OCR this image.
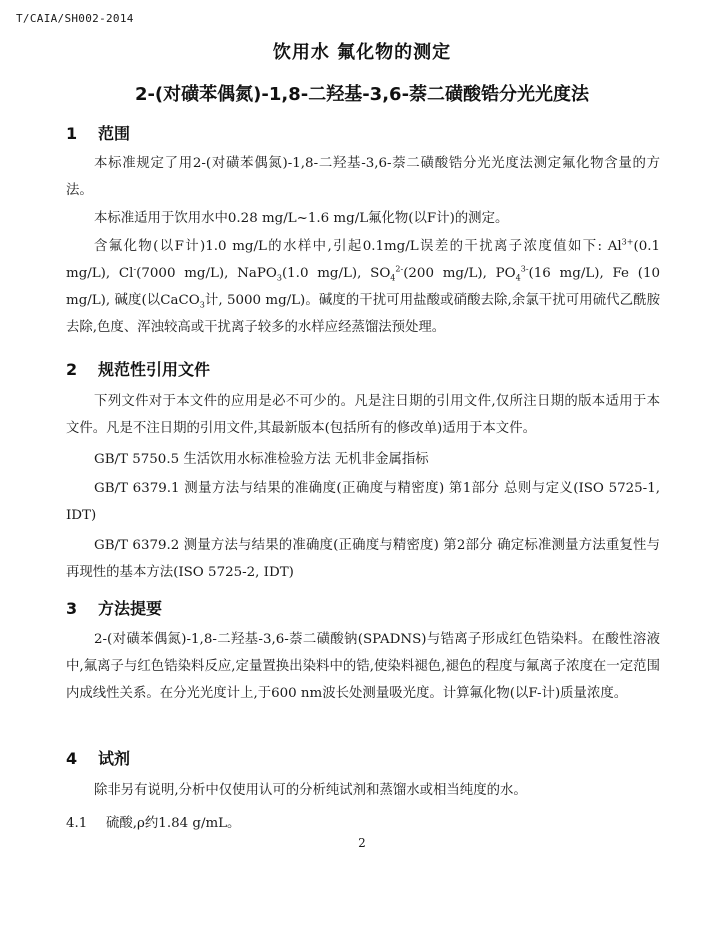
T/CAIA/SH002-2014
饮用水 氟化物的测定
2-(对磺苯偶氮)-1,8-二羟基-3,6-萘二磺酸锆分光光度法
1 范围
本标准规定了用2-(对磺苯偶氮)-1,8-二羟基-3,6-萘二磺酸锆分光光度法测定氟化物含量的方法。
本标准适用于饮用水中0.28 mg/L~1.6 mg/L氟化物(以F计)的测定。
含氟化物(以F计)1.0 mg/L的水样中,引起0.1mg/L误差的干扰离子浓度值如下: $Al^{3+}(0.1$ mg/L), Cl-(7000 mg/L), NaPO$_3$(1.0 mg/L), $SO_4^{2-}(200$ mg/L), $PO_4^{3-}(16$ mg/L), Fe (10 mg/L), 碱度(以CaCO$_3$计, 5000 mg/L)。碱度的干扰可用盐酸或硝酸去除,余氯干扰可用硫代乙酰胺去除,色度、浑浊较高或干扰离子较多的水样应经蒸馏法预处理。
2 规范性引用文件
下列文件对于本文件的应用是必不可少的。凡是注日期的引用文件,仅所注日期的版本适用于本文件。凡是不注日期的引用文件,其最新版本(包括所有的修改单)适用于本文件。
GB/T 5750.5 生活饮用水标准检验方法 无机非金属指标
GB/T 6379.1 测量方法与结果的准确度(正确度与精密度) 第1部分 总则与定义(ISO 5725-1, IDT)
GB/T 6379.2 测量方法与结果的准确度(正确度与精密度) 第2部分 确定标准测量方法重复性与再现性的基本方法(ISO 5725-2, IDT)
3 方法提要
2-(对磺苯偶氮)-1,8-二羟基-3,6-萘二磺酸钠(SPADNS)与锆离子形成红色锆染料。在酸性溶液中,氟离子与红色锆染料反应,定量置换出染料中的锆,使染料褪色,褪色的程度与氟离子浓度在一定范围内成线性关系。在分光光度计上,于600 nm波长处测量吸光度。计算氟化物(以F-计)质量浓度。
4 试剂
除非另有说明,分析中仅使用认可的分析纯试剂和蒸馏水或相当纯度的水。
4.1 硫酸,ρ约1.84 g/mL。
2
